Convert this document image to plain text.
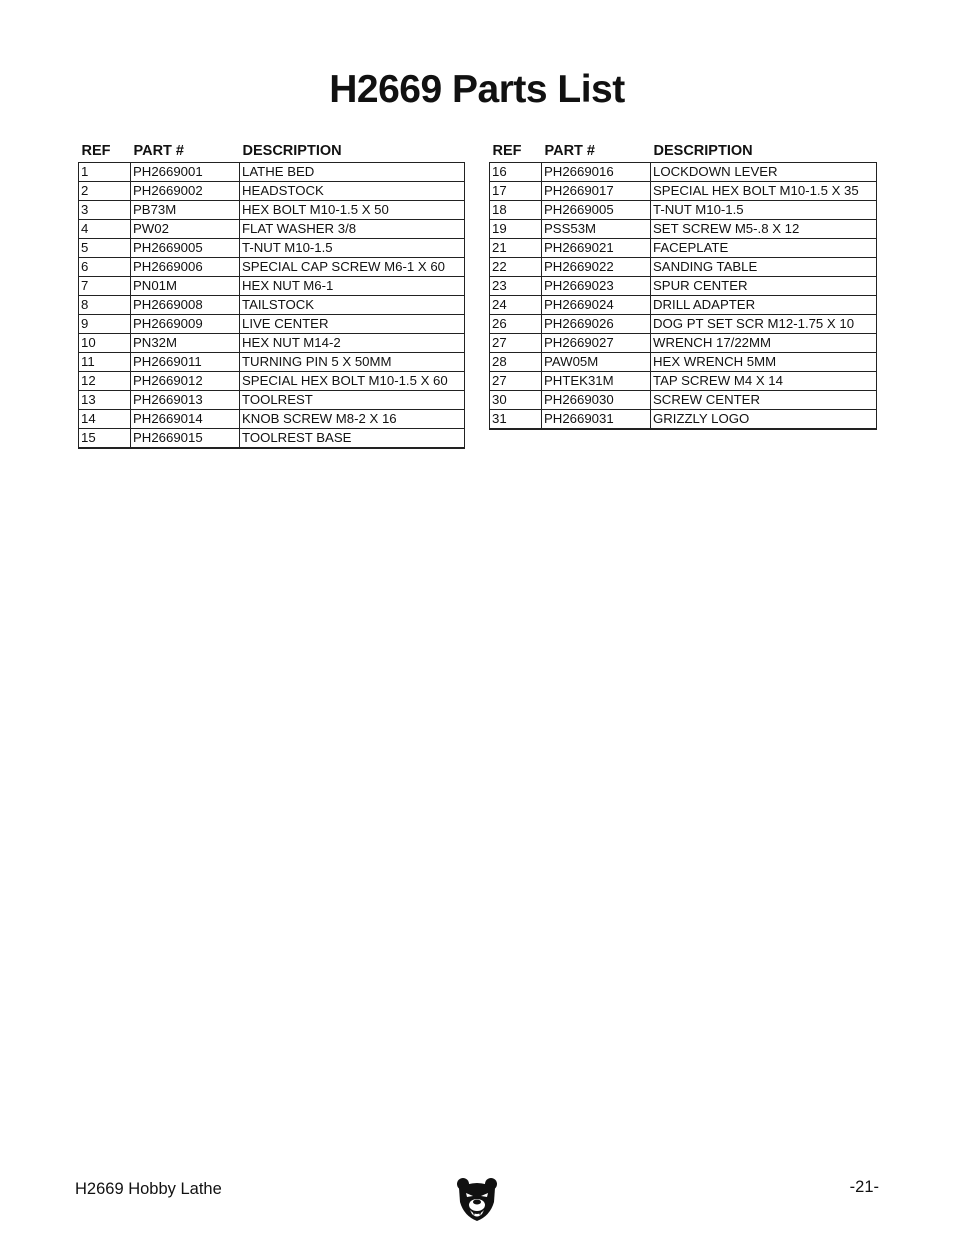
H2669 Parts List
REF	PART #	DESCRIPTION
1	PH2669001	LATHE BED
2	PH2669002	HEADSTOCK
3	PB73M	HEX BOLT M10-1.5 X 50
4	PW02	FLAT WASHER 3/8
5	PH2669005	T-NUT M10-1.5
6	PH2669006	SPECIAL CAP SCREW M6-1 X 60
7	PN01M	HEX NUT M6-1
8	PH2669008	TAILSTOCK
9	PH2669009	LIVE CENTER
10	PN32M	HEX NUT M14-2
11	PH2669011	TURNING PIN 5 X 50MM
12	PH2669012	SPECIAL HEX BOLT M10-1.5 X 60
13	PH2669013	TOOLREST
14	PH2669014	KNOB SCREW M8-2 X 16
15	PH2669015	TOOLREST BASE
REF	PART #	DESCRIPTION
16	PH2669016	LOCKDOWN LEVER
17	PH2669017	SPECIAL HEX BOLT M10-1.5 X 35
18	PH2669005	T-NUT M10-1.5
19	PSS53M	SET SCREW M5-.8 X 12
21	PH2669021	FACEPLATE
22	PH2669022	SANDING TABLE
23	PH2669023	SPUR CENTER
24	PH2669024	DRILL ADAPTER
26	PH2669026	DOG PT SET SCR M12-1.75 X 10
27	PH2669027	WRENCH 17/22MM
28	PAW05M	HEX WRENCH 5MM
27	PHTEK31M	TAP SCREW M4 X 14
30	PH2669030	SCREW CENTER
31	PH2669031	GRIZZLY LOGO
H2669 Hobby Lathe	-21-
